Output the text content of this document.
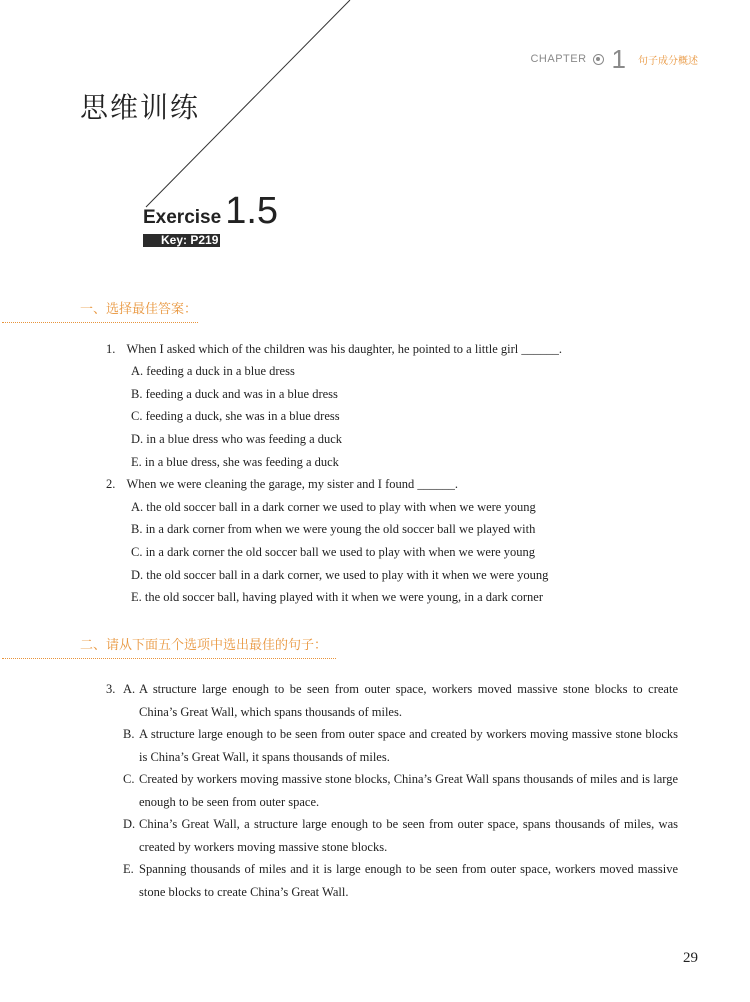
CHAPTER 1 句子成分概述
思维训练
Exercise 1.5
Key: P219
一、选择最佳答案：
1. When I asked which of the children was his daughter, he pointed to a little girl ______.
A. feeding a duck in a blue dress
B. feeding a duck and was in a blue dress
C. feeding a duck, she was in a blue dress
D. in a blue dress who was feeding a duck
E. in a blue dress, she was feeding a duck
2. When we were cleaning the garage, my sister and I found ______.
A. the old soccer ball in a dark corner we used to play with when we were young
B. in a dark corner from when we were young the old soccer ball we played with
C. in a dark corner the old soccer ball we used to play with when we were young
D. the old soccer ball in a dark corner, we used to play with it when we were young
E. the old soccer ball, having played with it when we were young, in a dark corner
二、请从下面五个选项中选出最佳的句子：
3. A. A structure large enough to be seen from outer space, workers moved massive stone blocks to create China’s Great Wall, which spans thousands of miles.
B. A structure large enough to be seen from outer space and created by workers moving massive stone blocks is China’s Great Wall, it spans thousands of miles.
C. Created by workers moving massive stone blocks, China’s Great Wall spans thousands of miles and is large enough to be seen from outer space.
D. China’s Great Wall, a structure large enough to be seen from outer space, spans thousands of miles, was created by workers moving massive stone blocks.
E. Spanning thousands of miles and it is large enough to be seen from outer space, workers moved massive stone blocks to create China’s Great Wall.
29
